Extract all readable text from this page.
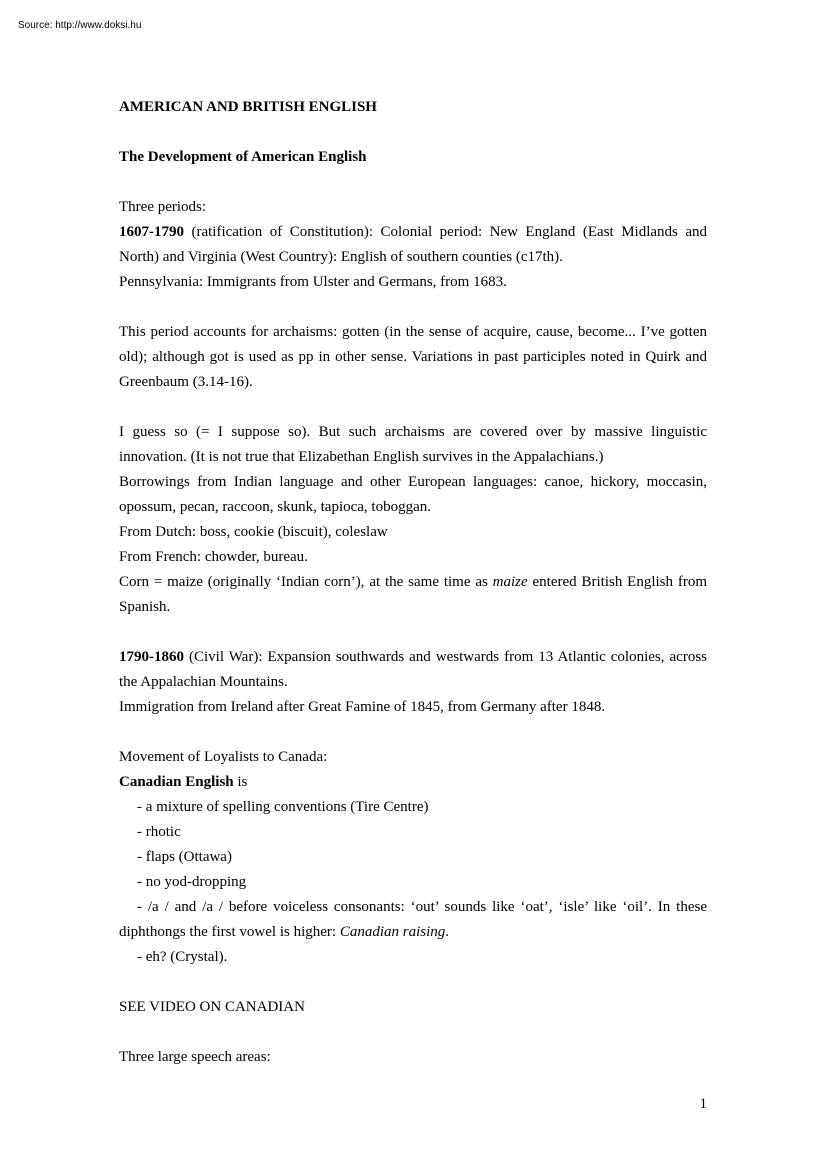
Source: http://www.doksi.hu

AMERICAN AND BRITISH ENGLISH

The Development of American English

Three periods:

1607-1790 (ratification of Constitution): Colonial period: New England (East Midlands and North) and Virginia (West Country): English of southern counties (c17th).

Pennsylvania: Immigrants from Ulster and Germans, from 1683.

This period accounts for archaisms: gotten (in the sense of acquire, cause, become... I’ve gotten old); although got is used as pp in other sense. Variations in past participles noted in Quirk and Greenbaum (3.14-16).

I guess so (= I suppose so). But such archaisms are covered over by massive linguistic innovation. (It is not true that Elizabethan English survives in the Appalachians.)

Borrowings from Indian language and other European languages: canoe, hickory, moccasin, opossum, pecan, raccoon, skunk, tapioca, toboggan.

From Dutch: boss, cookie (biscuit), coleslaw

From French: chowder, bureau.

Corn = maize (originally ‘Indian corn’), at the same time as maize entered British English from Spanish.

1790-1860 (Civil War): Expansion southwards and westwards from 13 Atlantic colonies, across the Appalachian Mountains.

Immigration from Ireland after Great Famine of 1845, from Germany after 1848.

Movement of Loyalists to Canada:

Canadian English is

- a mixture of spelling conventions (Tire Centre)

- rhotic

- flaps (Ottawa)

- no yod-dropping

- /a / and /a / before voiceless consonants: ‘out’ sounds like ‘oat’, ‘isle’ like ‘oil’. In these

diphthongs the first vowel is higher: Canadian raising.

- eh? (Crystal).

SEE VIDEO ON CANADIAN

Three large speech areas:

1
